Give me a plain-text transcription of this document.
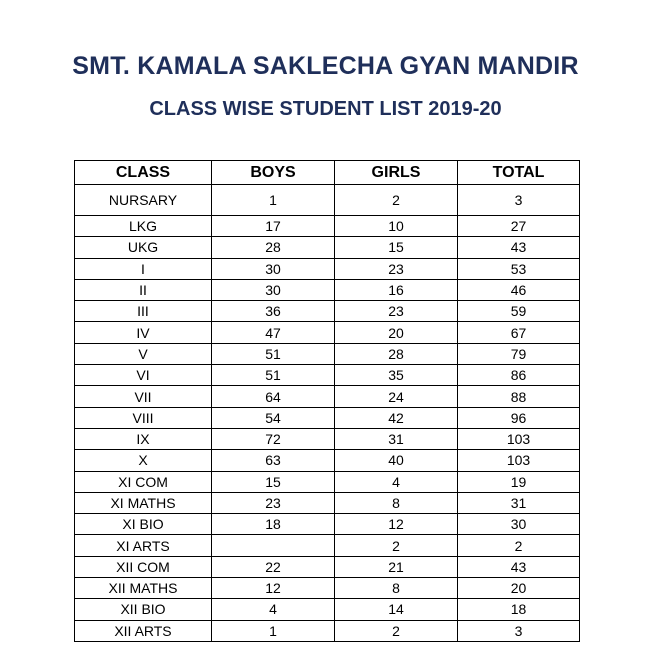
SMT. KAMALA SAKLECHA GYAN MANDIR
CLASS WISE STUDENT LIST 2019-20
CLASS	BOYS	GIRLS	TOTAL
NURSARY	1	2	3
LKG	17	10	27
UKG	28	15	43
I	30	23	53
II	30	16	46
III	36	23	59
IV	47	20	67
V	51	28	79
VI	51	35	86
VII	64	24	88
VIII	54	42	96
IX	72	31	103
X	63	40	103
XI COM	15	4	19
XI MATHS	23	8	31
XI BIO	18	12	30
XI ARTS		2	2
XII COM	22	21	43
XII MATHS	12	8	20
XII BIO	4	14	18
XII ARTS	1	2	3
